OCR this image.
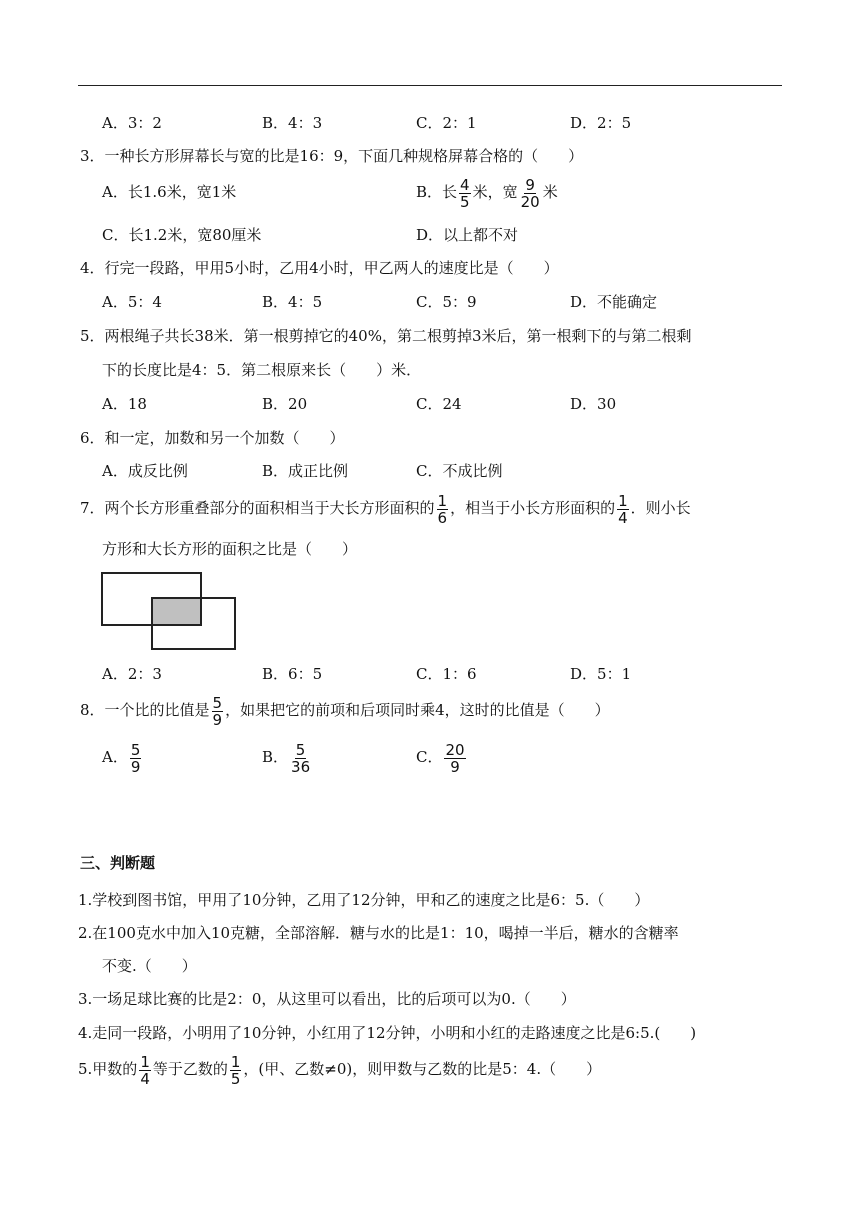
A．3：2	B．4：3	C．2：1	D．2：5
3．一种长方形屏幕长与宽的比是16：9，下面几种规格屏幕合格的（　　）
A．长1.6米，宽1米	B．长 $\frac{4}{5}$ 米，宽 $\frac{9}{20}$ 米
C．长1.2米，宽80厘米	D．以上都不对
4．行完一段路，甲用5小时，乙用4小时，甲乙两人的速度比是（　　）
A．5：4	B．4：5	C．5：9	D．不能确定
5．两根绳子共长38米．第一根剪掉它的40%，第二根剪掉3米后，第一根剩下的与第二根剩
下的长度比是4：5．第二根原来长（　　）米．
A．18	B．20	C．24	D．30
6．和一定，加数和另一个加数（　　）
A．成反比例	B．成正比例	C．不成比例
7．两个长方形重叠部分的面积相当于大长方形面积的 $\frac{1}{6}$ ，相当于小长方形面积的 $\frac{1}{4}$ ．则小长
方形和大长方形的面积之比是（　　）
A．2：3	B．6：5	C．1：6	D．5：1
8．一个比的比值是 $\frac{5}{9}$ ，如果把它的前项和后项同时乘4，这时的比值是（　　）
A． $\frac{5}{9}$	B． $\frac{5}{36}$	C． $\frac{20}{9}$
三、判断题
1.学校到图书馆，甲用了10分钟，乙用了12分钟，甲和乙的速度之比是6：5.（　　）
2.在100克水中加入10克糖，全部溶解．糖与水的比是1：10，喝掉一半后，糖水的含糖率
不变.（　　）
3.一场足球比赛的比是2：0，从这里可以看出，比的后项可以为0.（　　）
4.走同一段路，小明用了10分钟，小红用了12分钟，小明和小红的走路速度之比是6:5.(　　)
5.甲数的 $\frac{1}{4}$ 等于乙数的 $\frac{1}{5}$ ，(甲、乙数≠0)，则甲数与乙数的比是5：4.（　　）
